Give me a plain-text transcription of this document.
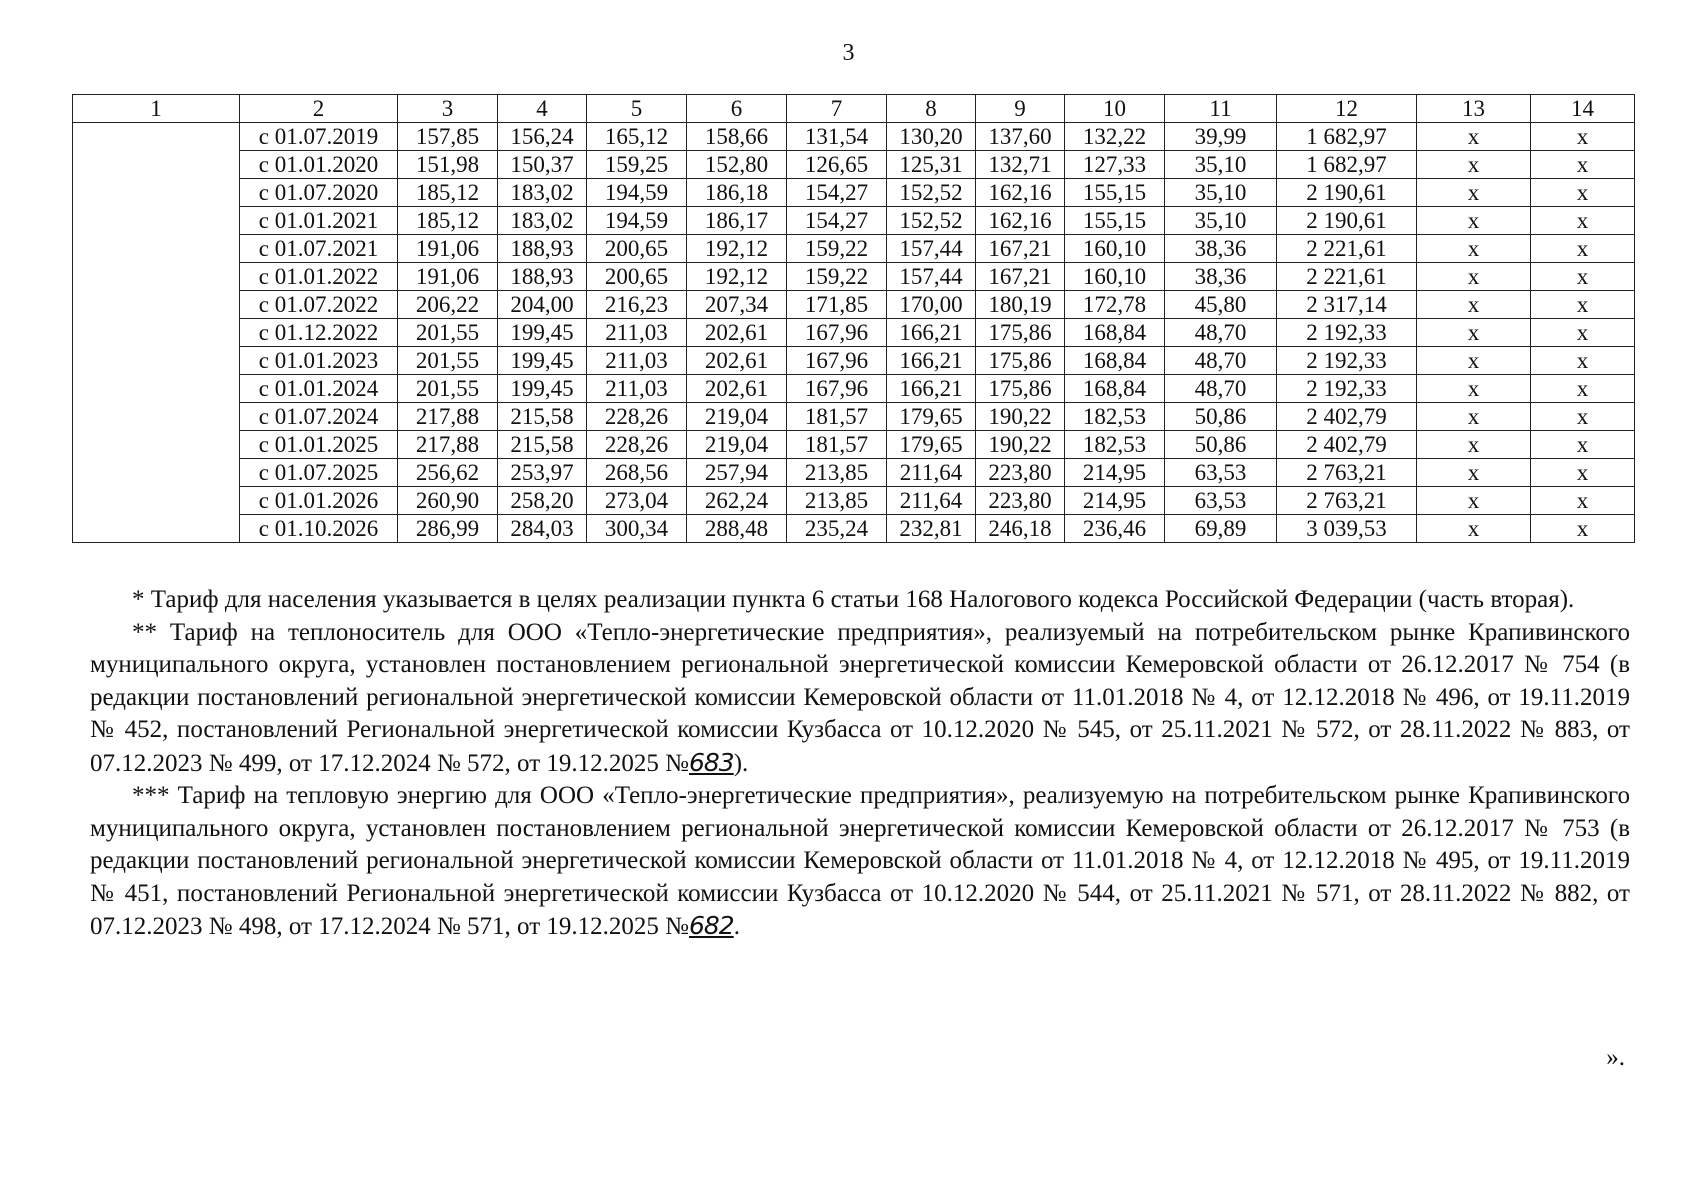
3
1	2	3	4	5	6	7	8	9	10	11	12	13	14
	с 01.07.2019	157,85	156,24	165,12	158,66	131,54	130,20	137,60	132,22	39,99	1 682,97	x	x
	с 01.01.2020	151,98	150,37	159,25	152,80	126,65	125,31	132,71	127,33	35,10	1 682,97	x	x
	с 01.07.2020	185,12	183,02	194,59	186,18	154,27	152,52	162,16	155,15	35,10	2 190,61	x	x
	с 01.01.2021	185,12	183,02	194,59	186,17	154,27	152,52	162,16	155,15	35,10	2 190,61	x	x
	с 01.07.2021	191,06	188,93	200,65	192,12	159,22	157,44	167,21	160,10	38,36	2 221,61	x	x
	с 01.01.2022	191,06	188,93	200,65	192,12	159,22	157,44	167,21	160,10	38,36	2 221,61	x	x
	с 01.07.2022	206,22	204,00	216,23	207,34	171,85	170,00	180,19	172,78	45,80	2 317,14	x	x
	с 01.12.2022	201,55	199,45	211,03	202,61	167,96	166,21	175,86	168,84	48,70	2 192,33	x	x
	с 01.01.2023	201,55	199,45	211,03	202,61	167,96	166,21	175,86	168,84	48,70	2 192,33	x	x
	с 01.01.2024	201,55	199,45	211,03	202,61	167,96	166,21	175,86	168,84	48,70	2 192,33	x	x
	с 01.07.2024	217,88	215,58	228,26	219,04	181,57	179,65	190,22	182,53	50,86	2 402,79	x	x
	с 01.01.2025	217,88	215,58	228,26	219,04	181,57	179,65	190,22	182,53	50,86	2 402,79	x	x
	с 01.07.2025	256,62	253,97	268,56	257,94	213,85	211,64	223,80	214,95	63,53	2 763,21	x	x
	с 01.01.2026	260,90	258,20	273,04	262,24	213,85	211,64	223,80	214,95	63,53	2 763,21	x	x
	с 01.10.2026	286,99	284,03	300,34	288,48	235,24	232,81	246,18	236,46	69,89	3 039,53	x	x

* Тариф для населения указывается в целях реализации пункта 6 статьи 168 Налогового кодекса Российской Федерации (часть вторая).

** Тариф на теплоноситель для ООО «Тепло-энергетические предприятия», реализуемый на потребительском рынке Крапивинского муниципального округа, установлен постановлением региональной энергетической комиссии Кемеровской области от 26.12.2017 № 754 (в редакции постановлений региональной энергетической комиссии Кемеровской области от 11.01.2018 № 4, от 12.12.2018 № 496, от 19.11.2019 № 452, постановлений Региональной энергетической комиссии Кузбасса от 10.12.2020 № 545, от 25.11.2021 № 572, от 28.11.2022 № 883, от 07.12.2023 № 499, от 17.12.2024 № 572, от 19.12.2025 №683).

*** Тариф на тепловую энергию для ООО «Тепло-энергетические предприятия», реализуемую на потребительском рынке Крапивинского муниципального округа, установлен постановлением региональной энергетической комиссии Кемеровской области от 26.12.2017 № 753 (в редакции постановлений региональной энергетической комиссии Кемеровской области от 11.01.2018 № 4, от 12.12.2018 № 495, от 19.11.2019 № 451, постановлений Региональной энергетической комиссии Кузбасса от 10.12.2020 № 544, от 25.11.2021 № 571, от 28.11.2022 № 882, от 07.12.2023 № 498, от 17.12.2024 № 571, от 19.12.2025 №682.

».
